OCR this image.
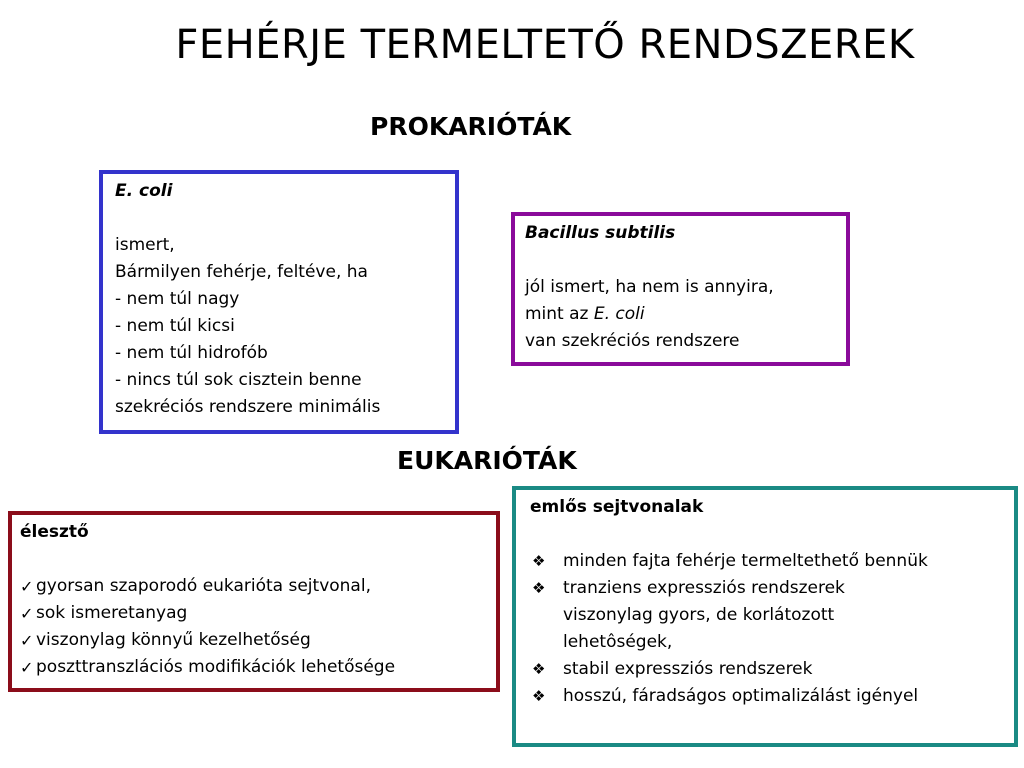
FEHÉRJE TERMELTETŐ RENDSZEREK
PROKARIÓTÁK
E. coli
ismert,
Bármilyen fehérje, feltéve, ha
- nem túl nagy
- nem túl kicsi
- nem túl hidrofób
- nincs túl sok cisztein benne
szekréciós rendszere minimális
Bacillus subtilis
jól ismert, ha nem is annyira,
mint az E. coli
van szekréciós rendszere
EUKARIÓTÁK
élesztő
✓ gyorsan szaporodó eukarióta sejtvonal,
✓ sok ismeretanyag
✓ viszonylag könnyű kezelhetőség
✓ poszttranszlációs modifikációk lehetősége
emlős sejtvonalak
❖	minden fajta fehérje termeltethető bennük
❖	tranziens expressziós rendszerek viszonylag gyors, de korlátozott lehetôségek,
❖	stabil expressziós rendszerek
❖	hosszú, fáradságos optimalizálást igényel
